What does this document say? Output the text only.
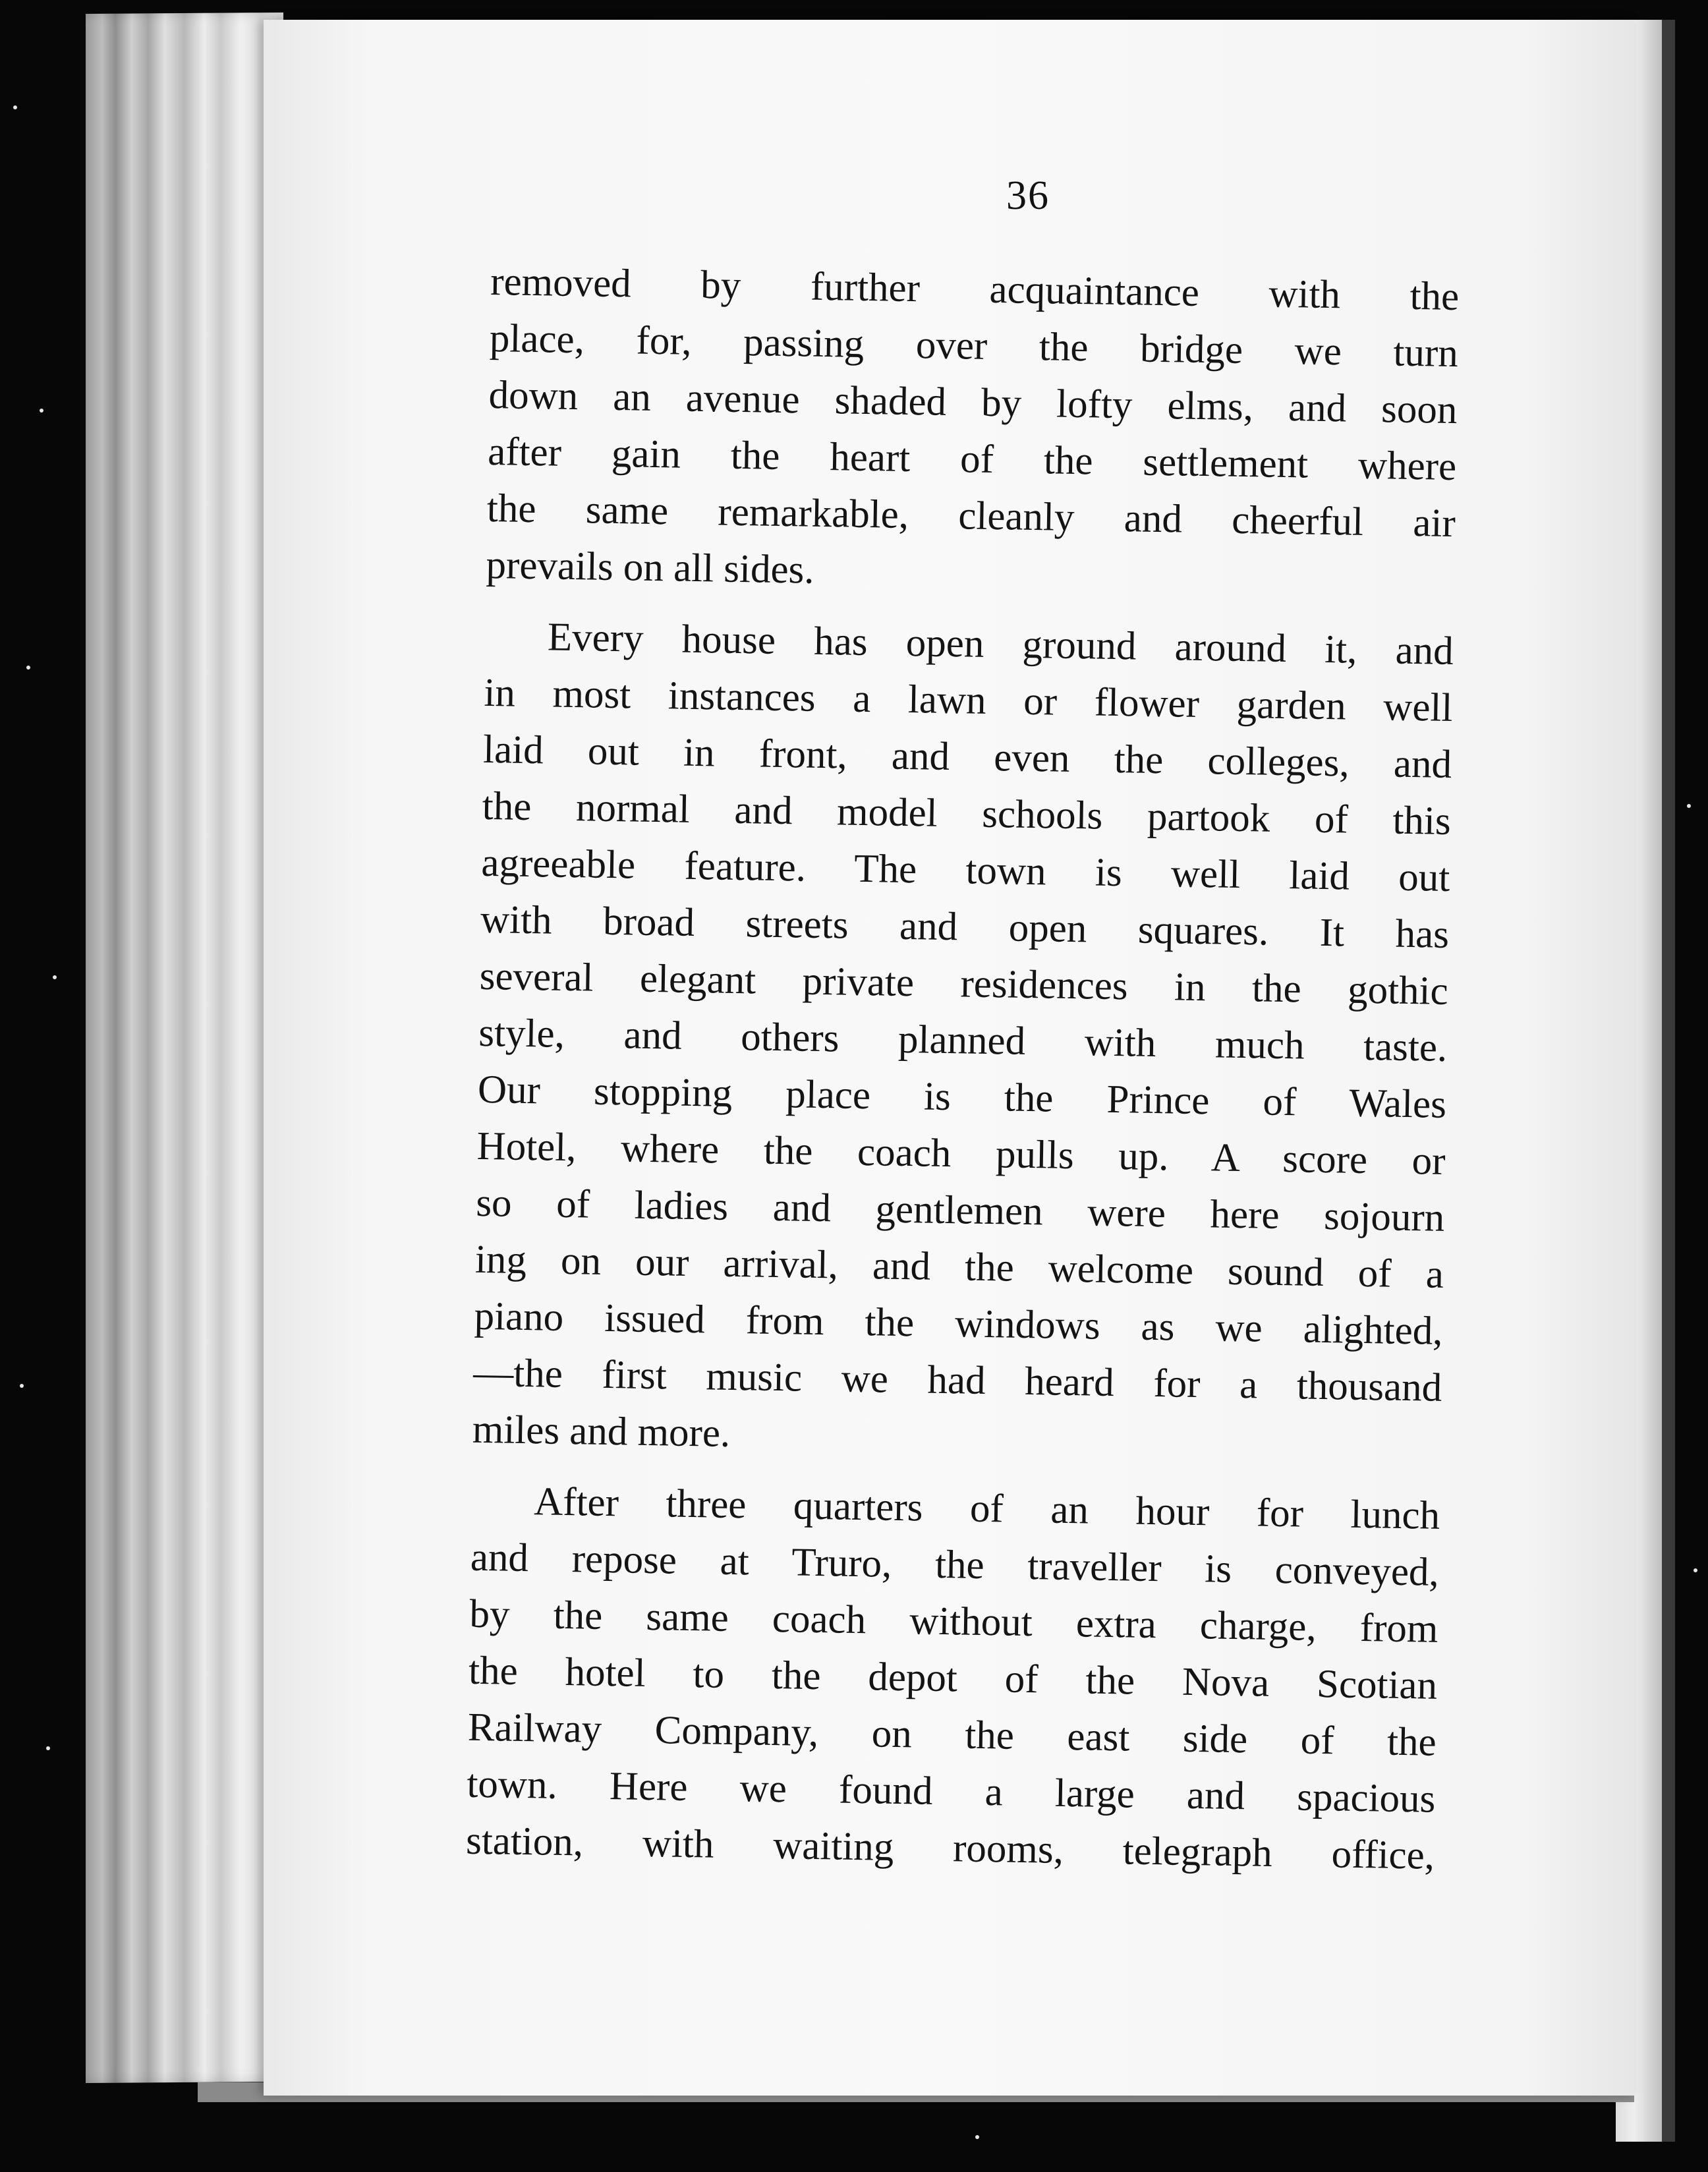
36
removed by further acquaintance with the
place, for, passing over the bridge we turn
down an avenue shaded by lofty elms, and soon
after gain the heart of the settlement where
the same remarkable, cleanly and cheerful air
prevails on all sides.
Every house has open ground around it, and
in most instances a lawn or flower garden well
laid out in front, and even the colleges, and
the normal and model schools partook of this
agreeable feature. The town is well laid out
with broad streets and open squares. It has
several elegant private residences in the gothic
style, and others planned with much taste.
Our stopping place is the Prince of Wales
Hotel, where the coach pulls up. A score or
so of ladies and gentlemen were here sojourn
ing on our arrival, and the welcome sound of a
piano issued from the windows as we alighted,
—the first music we had heard for a thousand
miles and more.
After three quarters of an hour for lunch
and repose at Truro, the traveller is conveyed,
by the same coach without extra charge, from
the hotel to the depot of the Nova Scotian
Railway Company, on the east side of the
town. Here we found a large and spacious
station, with waiting rooms, telegraph office,
